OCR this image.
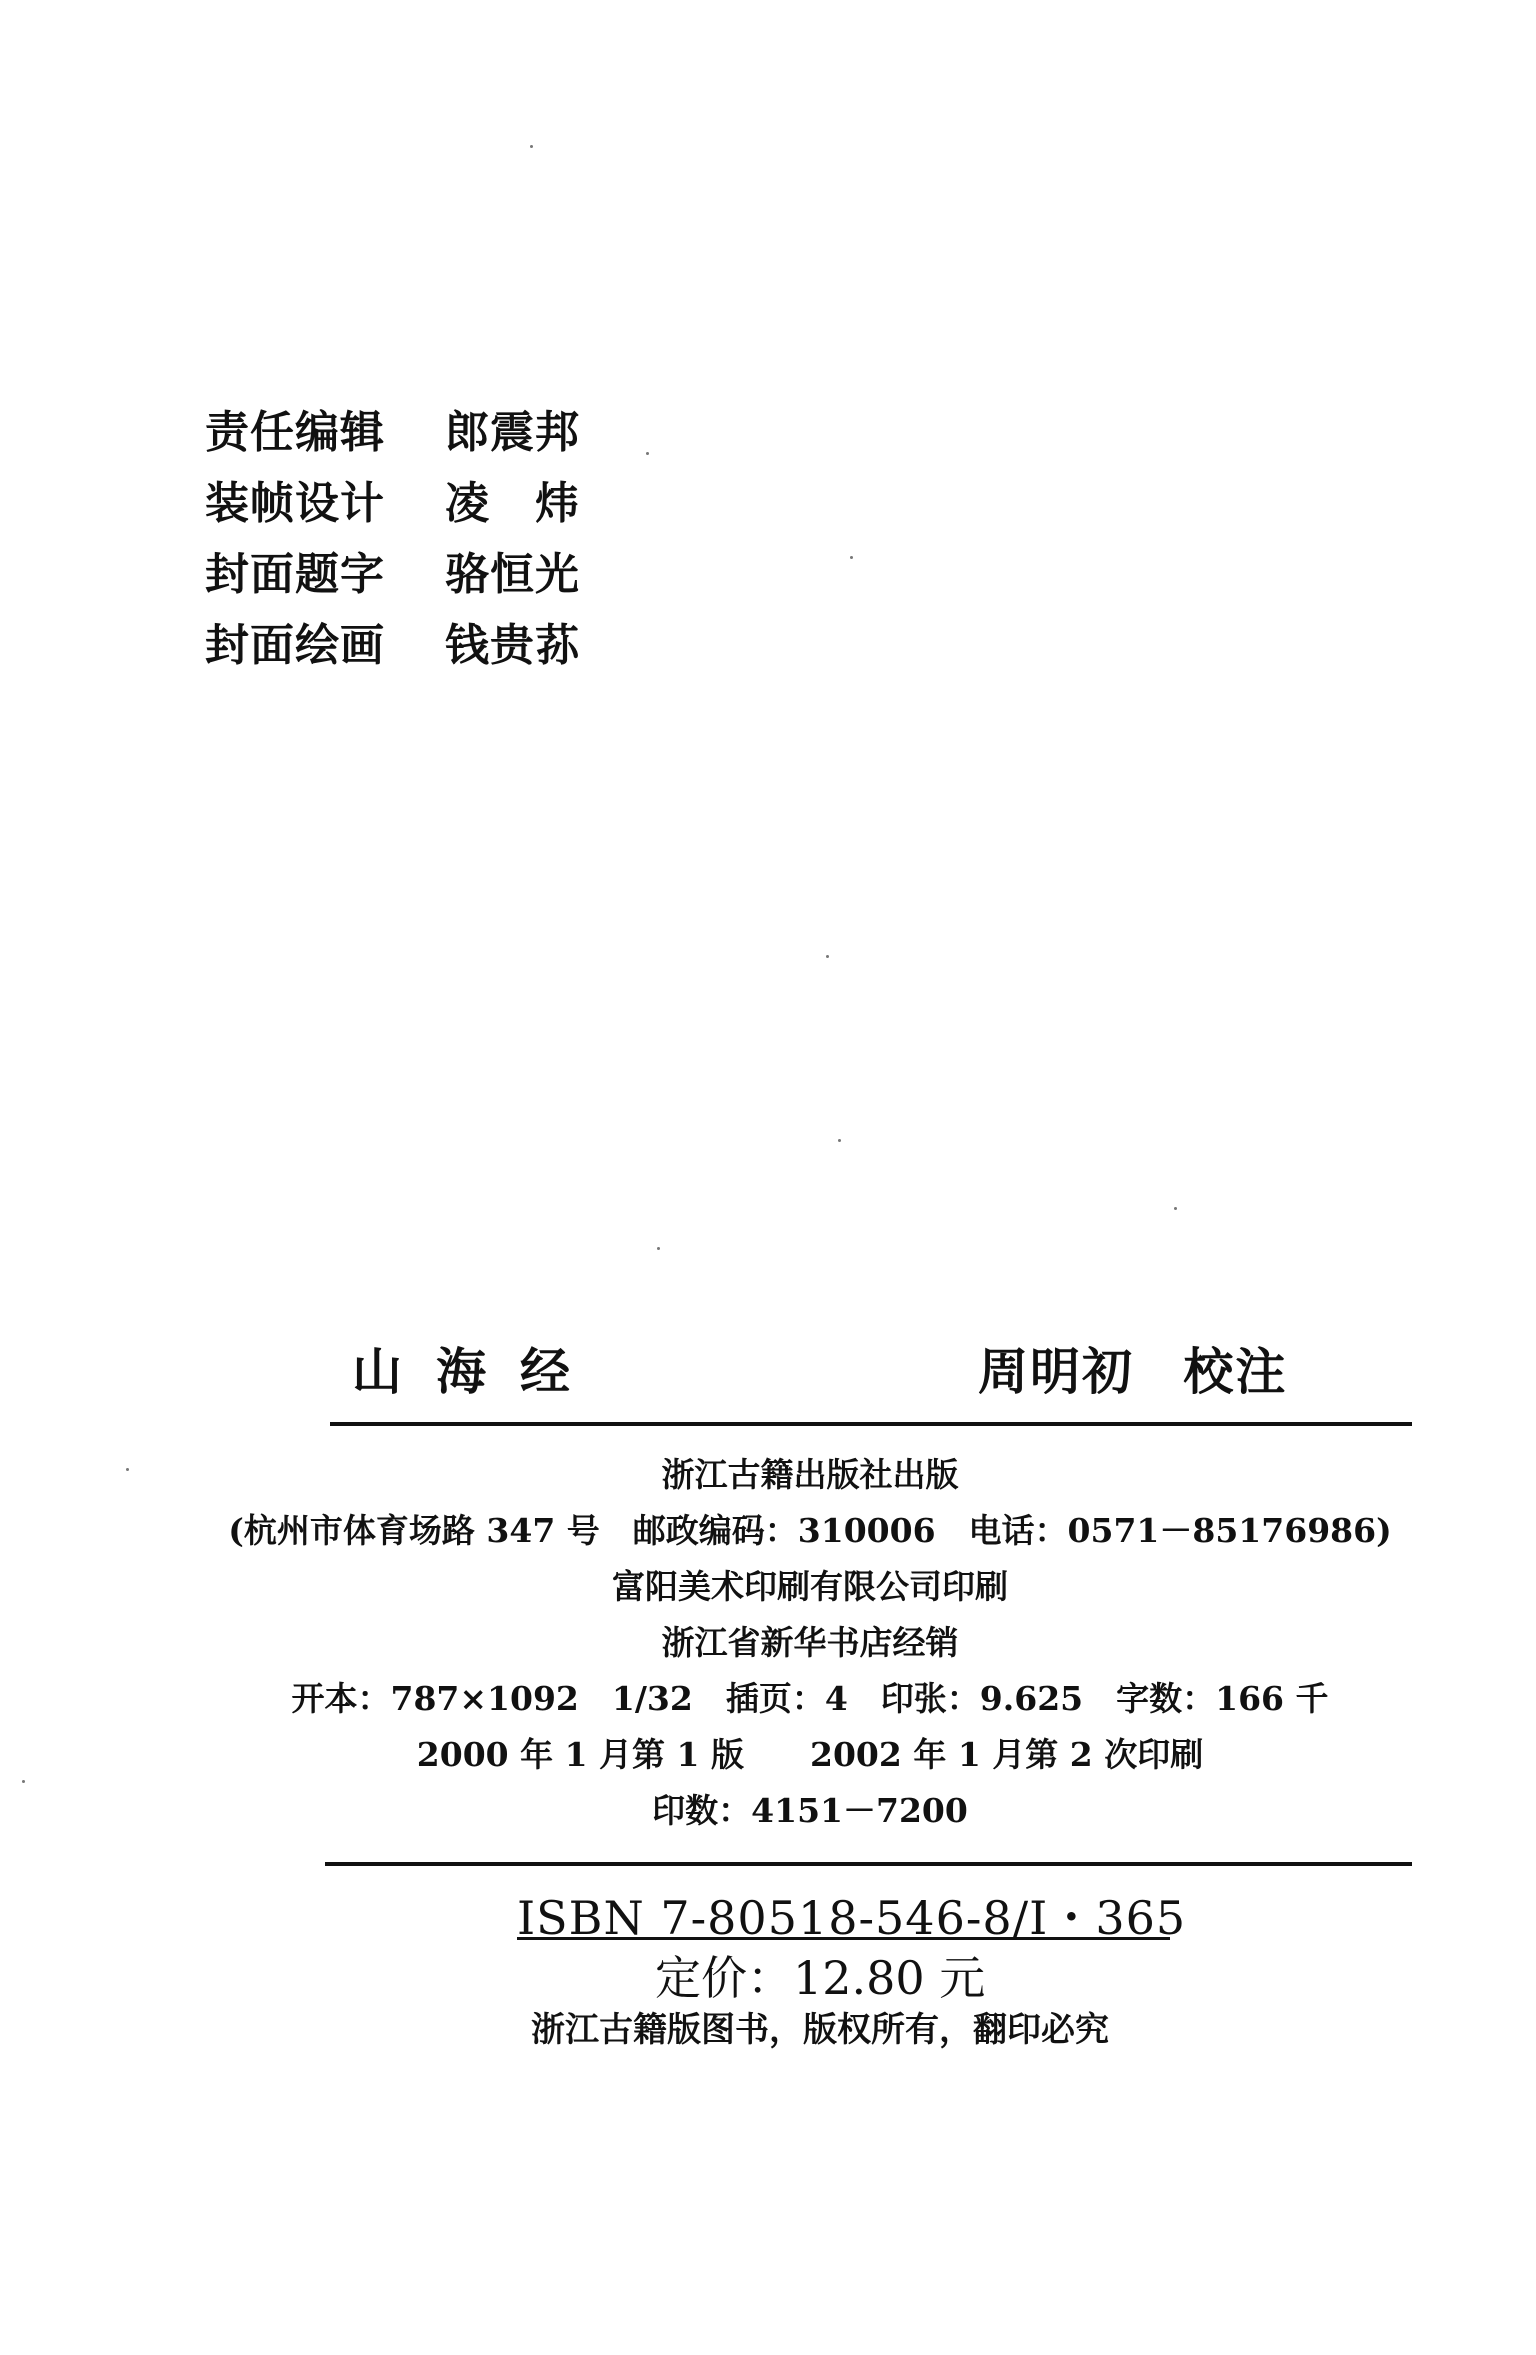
责任编辑	郎震邦
装帧设计	凌　炜
封面题字	骆恒光
封面绘画	钱贵荪
山海经	周明初 校注
浙江古籍出版社出版
(杭州市体育场路 347 号　邮政编码：310006　电话：0571－85176986)
富阳美术印刷有限公司印刷
浙江省新华书店经销
开本：787×1092　1/32　插页：4　印张：9.625　字数：166 千
2000 年 1 月第 1 版　　2002 年 1 月第 2 次印刷
印数：4151－7200
ISBN 7-80518-546-8/I・365
定价：12.80 元
浙江古籍版图书，版权所有，翻印必究
